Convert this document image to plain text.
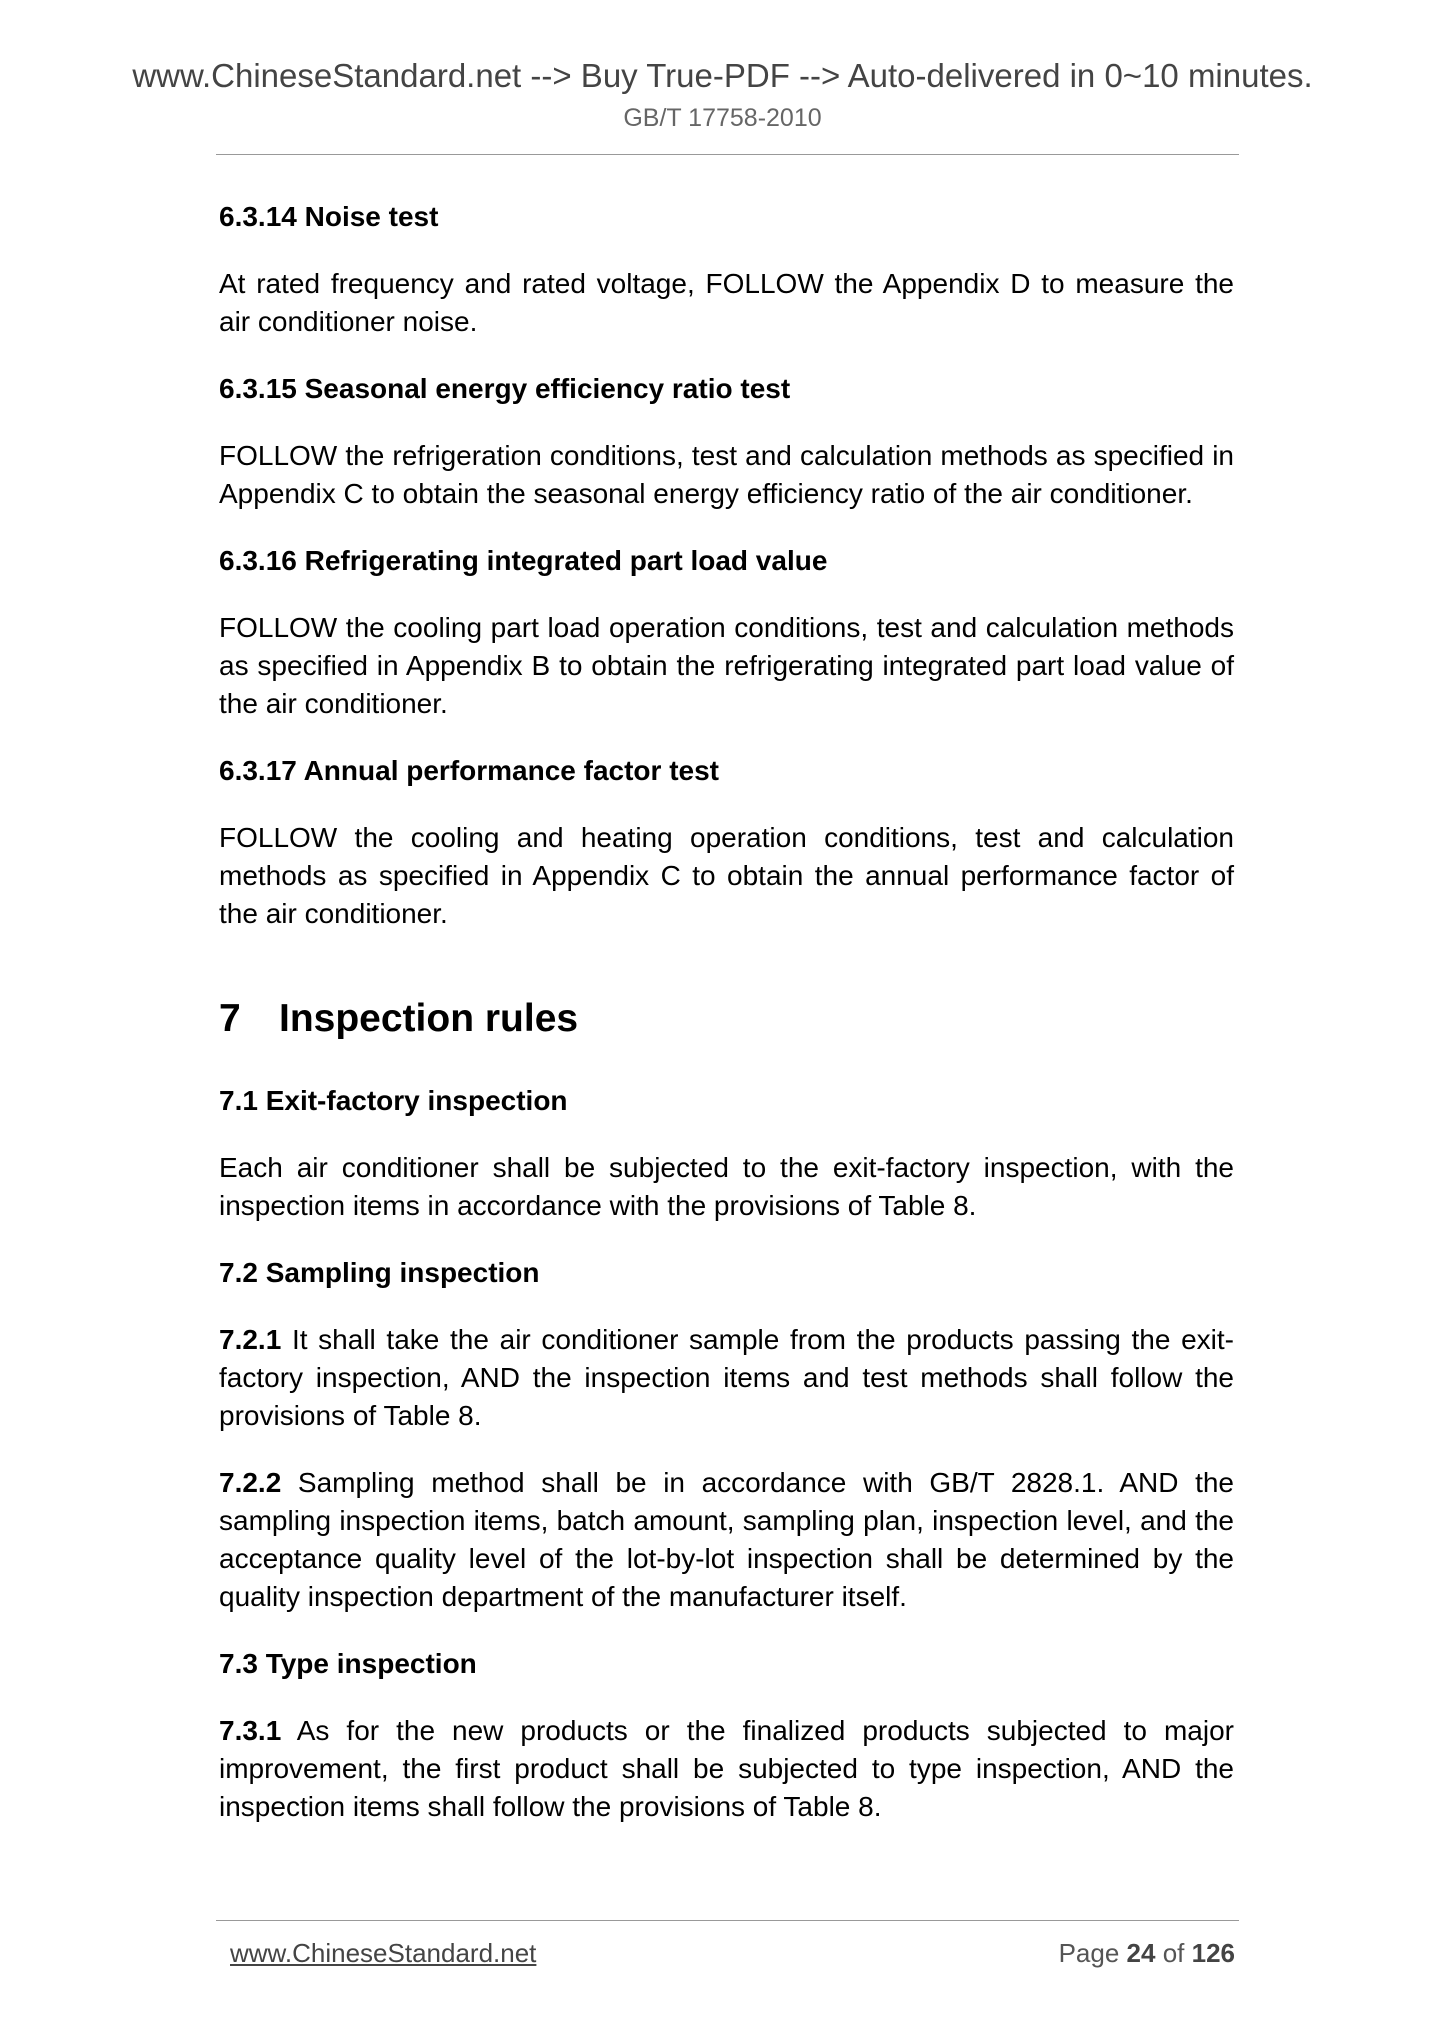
www.ChineseStandard.net --> Buy True-PDF --> Auto-delivered in 0~10 minutes.
GB/T 17758-2010
6.3.14 Noise test
At rated frequency and rated voltage, FOLLOW the Appendix D to measure the air conditioner noise.
6.3.15 Seasonal energy efficiency ratio test
FOLLOW the refrigeration conditions, test and calculation methods as specified in Appendix C to obtain the seasonal energy efficiency ratio of the air conditioner.
6.3.16 Refrigerating integrated part load value
FOLLOW the cooling part load operation conditions, test and calculation methods as specified in Appendix B to obtain the refrigerating integrated part load value of the air conditioner.
6.3.17 Annual performance factor test
FOLLOW the cooling and heating operation conditions, test and calculation methods as specified in Appendix C to obtain the annual performance factor of the air conditioner.
7 Inspection rules
7.1 Exit-factory inspection
Each air conditioner shall be subjected to the exit-factory inspection, with the inspection items in accordance with the provisions of Table 8.
7.2 Sampling inspection
7.2.1 It shall take the air conditioner sample from the products passing the exit-factory inspection, AND the inspection items and test methods shall follow the provisions of Table 8.
7.2.2 Sampling method shall be in accordance with GB/T 2828.1. AND the sampling inspection items, batch amount, sampling plan, inspection level, and the acceptance quality level of the lot-by-lot inspection shall be determined by the quality inspection department of the manufacturer itself.
7.3 Type inspection
7.3.1 As for the new products or the finalized products subjected to major improvement, the first product shall be subjected to type inspection, AND the inspection items shall follow the provisions of Table 8.
www.ChineseStandard.net	Page 24 of 126
